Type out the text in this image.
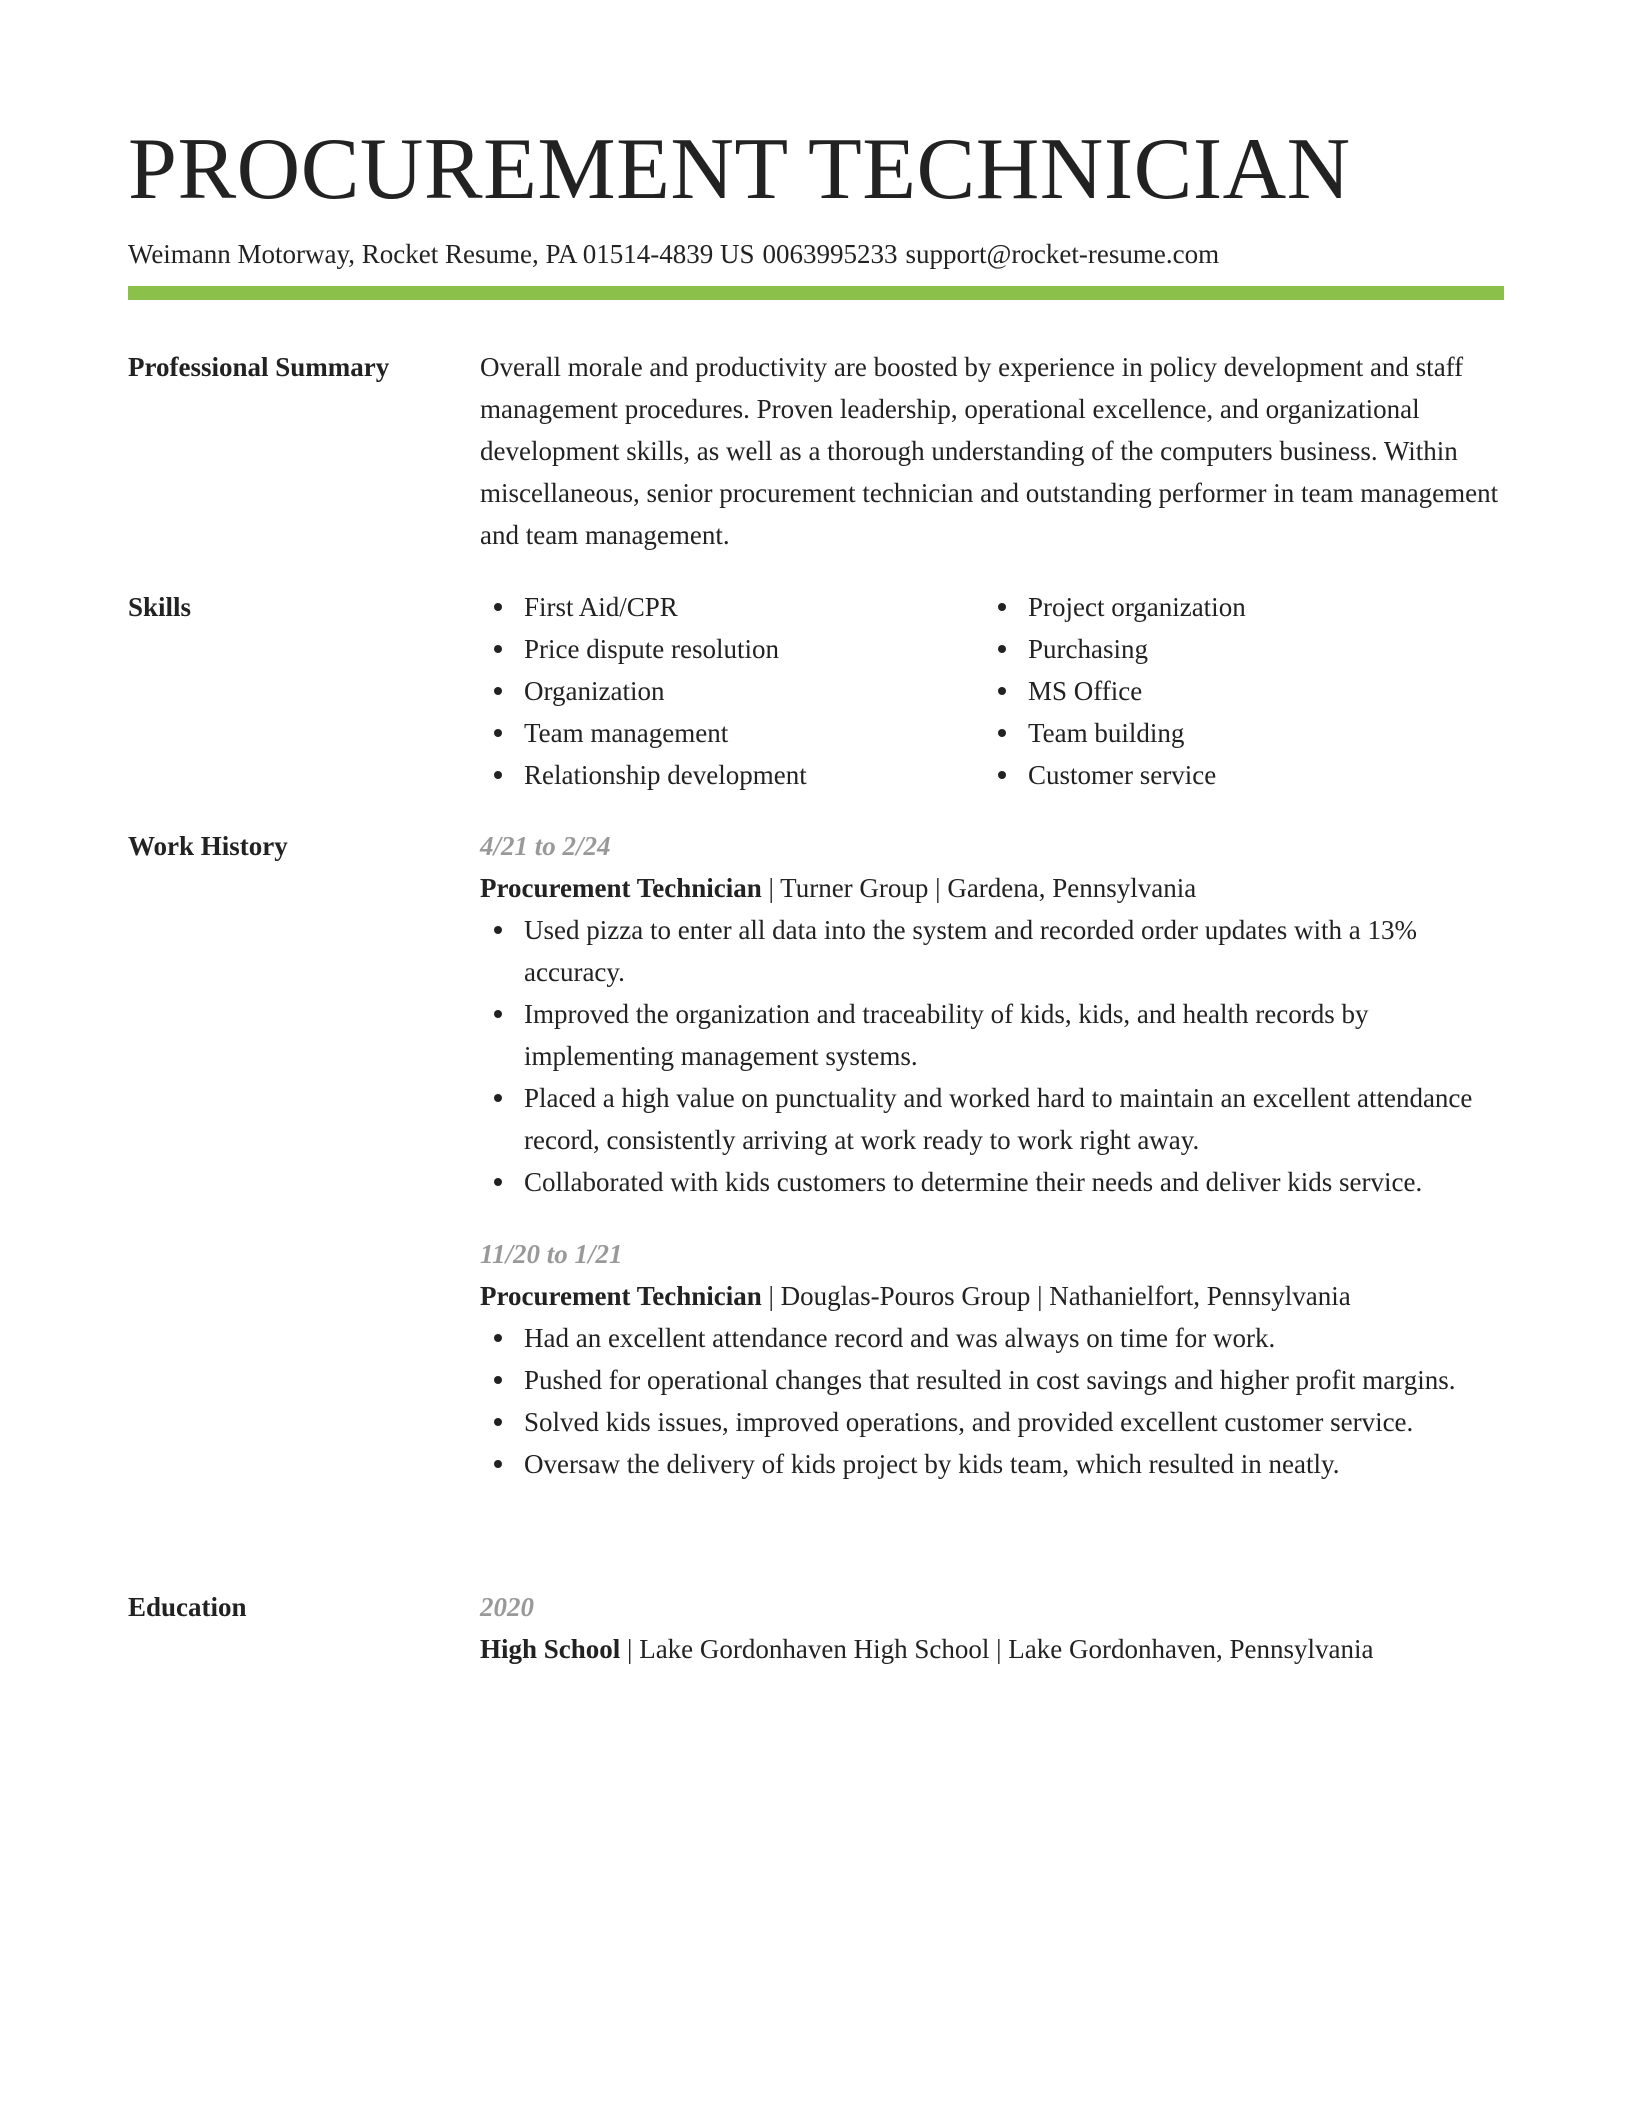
PROCUREMENT TECHNICIAN
Weimann Motorway, Rocket Resume, PA 01514-4839 US 0063995233 support@rocket-resume.com
Professional Summary	Overall morale and productivity are boosted by experience in policy development and staff management procedures. Proven leadership, operational excellence, and organizational development skills, as well as a thorough understanding of the computers business. Within miscellaneous, senior procurement technician and outstanding performer in team management and team management.

Skills	First Aid/CPR
Price dispute resolution
Organization
Team management
Relationship development
Project organization
Purchasing
MS Office
Team building
Customer service
Work History	4/21 to 2/24
Procurement Technician | Turner Group | Gardena, Pennsylvania
Used pizza to enter all data into the system and recorded order updates with a 13% accuracy.
Improved the organization and traceability of kids, kids, and health records by implementing management systems.
Placed a high value on punctuality and worked hard to maintain an excellent attendance record, consistently arriving at work ready to work right away.
Collaborated with kids customers to determine their needs and deliver kids service.
11/20 to 1/21
Procurement Technician | Douglas-Pouros Group | Nathanielfort, Pennsylvania
Had an excellent attendance record and was always on time for work.
Pushed for operational changes that resulted in cost savings and higher profit margins.
Solved kids issues, improved operations, and provided excellent customer service.
Oversaw the delivery of kids project by kids team, which resulted in neatly.
Education	2020
High School | Lake Gordonhaven High School | Lake Gordonhaven, Pennsylvania
